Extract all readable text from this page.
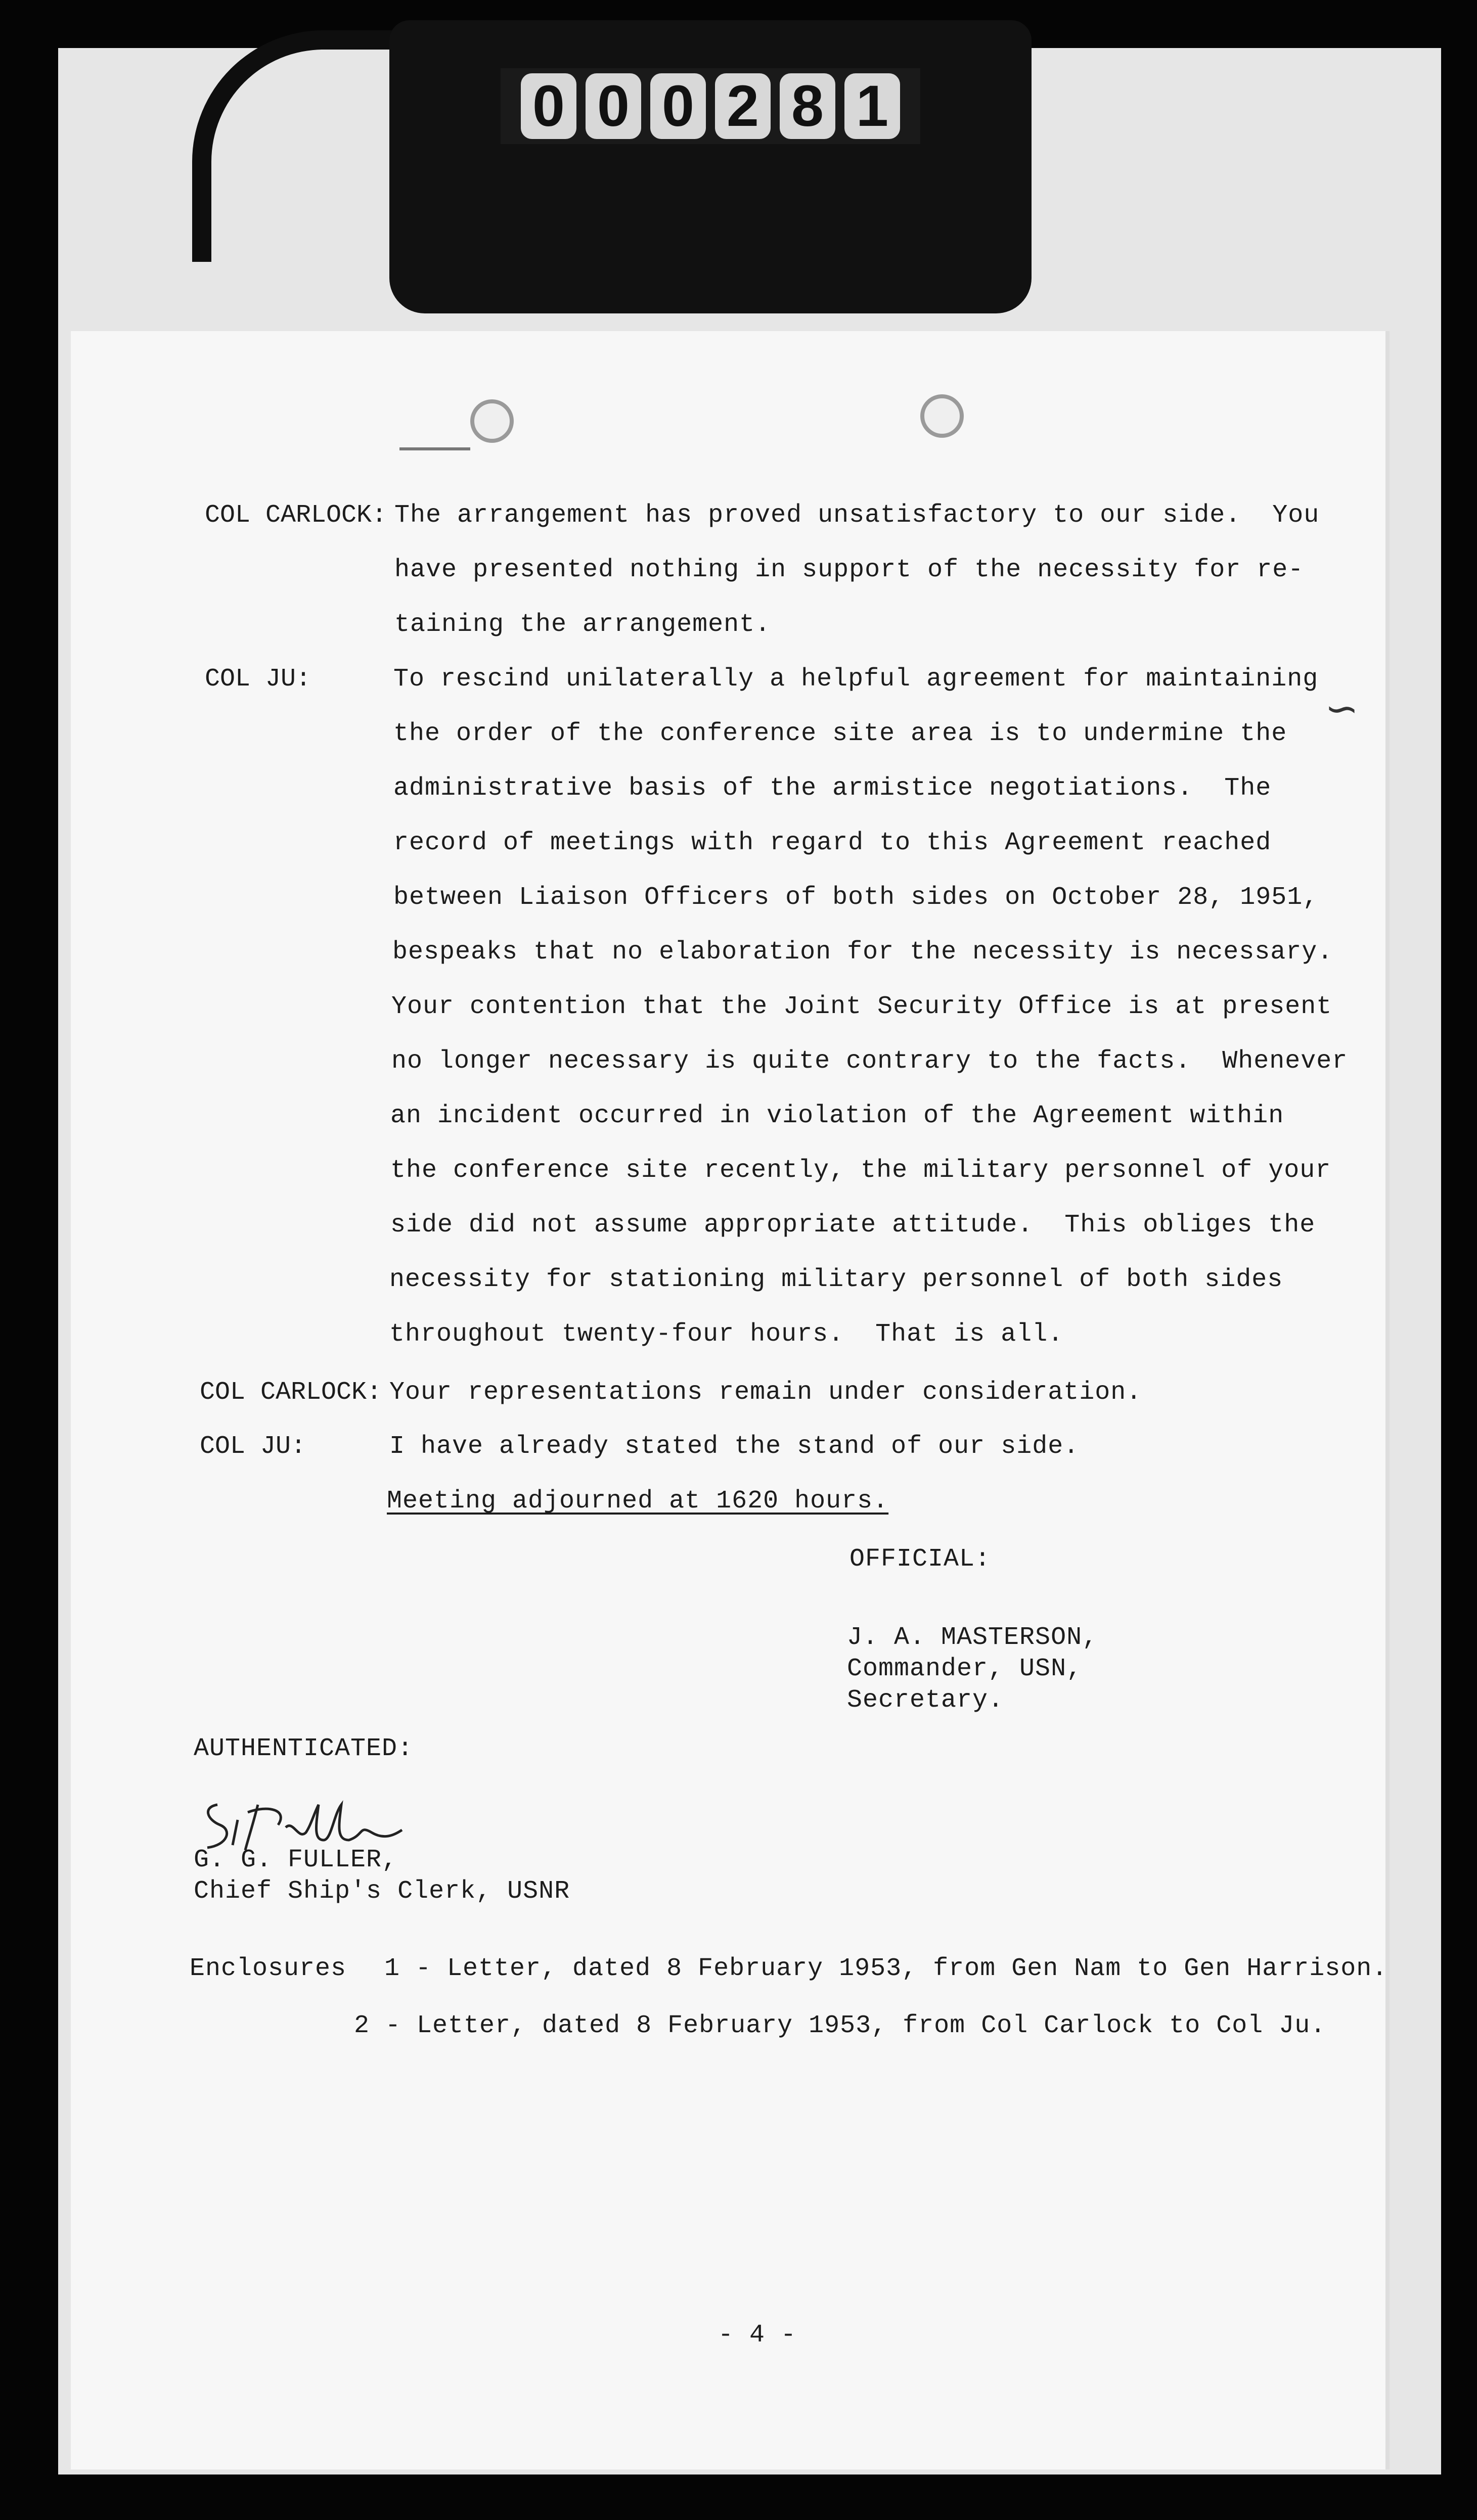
0 0 0 2 8 1
∽
COL CARLOCK: The arrangement has proved unsatisfactory to our side.  You
have presented nothing in support of the necessity for re-
taining the arrangement.
COL JU:	To rescind unilaterally a helpful agreement for maintaining
the order of the conference site area is to undermine the
administrative basis of the armistice negotiations.  The
record of meetings with regard to this Agreement reached
between Liaison Officers of both sides on October 28, 1951,
bespeaks that no elaboration for the necessity is necessary.
Your contention that the Joint Security Office is at present
no longer necessary is quite contrary to the facts.  Whenever
an incident occurred in violation of the Agreement within
the conference site recently, the military personnel of your
side did not assume appropriate attitude.  This obliges the
necessity for stationing military personnel of both sides
throughout twenty-four hours.  That is all.
COL CARLOCK: Your representations remain under consideration.
COL JU:	I have already stated the stand of our side.
Meeting adjourned at 1620 hours.
OFFICIAL:
J. A. MASTERSON,
Commander, USN,
Secretary.
AUTHENTICATED:
G. G. FULLER,
Chief Ship's Clerk, USNR
Enclosures 1 - Letter, dated 8 February 1953, from Gen Nam to Gen Harrison.
2 - Letter, dated 8 February 1953, from Col Carlock to Col Ju.
- 4 -
